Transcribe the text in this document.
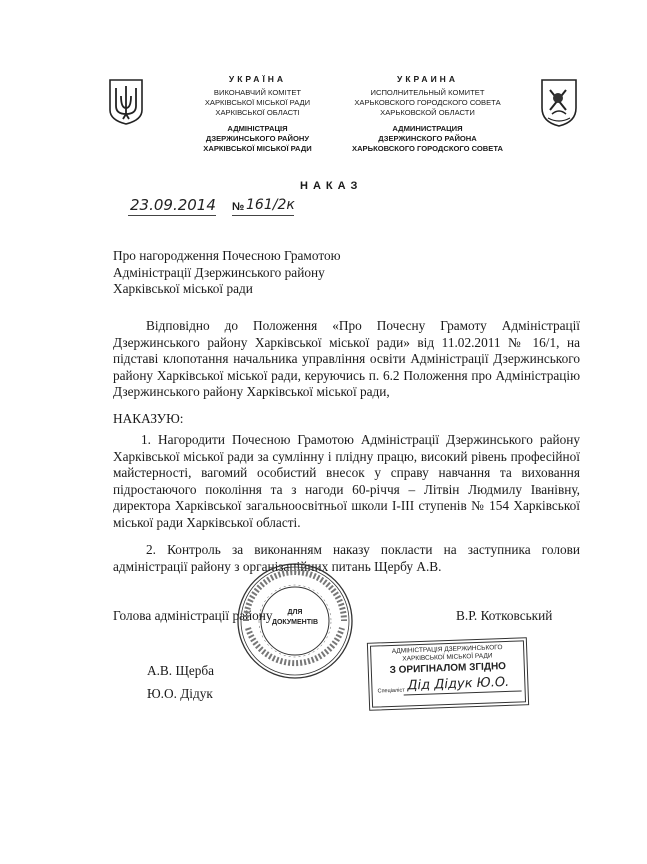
УКРАЇНА
ВИКОНАВЧИЙ КОМІТЕТ
ХАРКІВСЬКОЇ МІСЬКОЇ РАДИ
ХАРКІВСЬКОЇ ОБЛАСТІ
АДМІНІСТРАЦІЯ
ДЗЕРЖИНСЬКОГО РАЙОНУ
ХАРКІВСЬКОЇ МІСЬКОЇ РАДИ
УКРАИНА
ИСПОЛНИТЕЛЬНЫЙ КОМИТЕТ
ХАРЬКОВСКОГО ГОРОДСКОГО СОВЕТА
ХАРЬКОВСКОЙ ОБЛАСТИ
АДМИНИСТРАЦИЯ
ДЗЕРЖИНСКОГО РАЙОНА
ХАРЬКОВСКОГО ГОРОДСКОГО СОВЕТА
НАКАЗ
23.09.2014 № 161/2к
Про нагородження Почесною Грамотою
Адміністрації Дзержинського району
Харківської міської ради

Відповідно до Положення «Про Почесну Грамоту Адміністрації Дзержинського району Харківської міської ради» від 11.02.2011 № 16/1, на підставі клопотання начальника управління освіти Адміністрації Дзержинського району Харківської міської ради, керуючись п. 6.2 Положення про Адміністрацію Дзержинського району Харківської міської ради,

НАКАЗУЮ:

1. Нагородити Почесною Грамотою Адміністрації Дзержинського району Харківської міської ради за сумлінну і плідну працю, високий рівень професійної майстерності, вагомий особистий внесок у справу навчання та виховання підростаючого покоління та з нагоди 60-річчя – Літвін Людмилу Іванівну, директора Харківської загальноосвітньої школи І-ІІІ ступенів № 154 Харківської міської ради Харківської області.

2. Контроль за виконанням наказу покласти на заступника голови адміністрації району з організаційних питань Щербу А.В.

Голова адміністрації району	В.Р. Котковський
ДЛЯ
ДОКУМЕНТІВ
А.В. Щерба
Ю.О. Дідук
АДМІНІСТРАЦІЯ ДЗЕРЖИНСЬКОГО
ХАРКІВСЬКОЇ МІСЬКОЇ РАДИ
З ОРИГІНАЛОМ ЗГІДНО
Спеціаліст Дід Дідук Ю.О.
